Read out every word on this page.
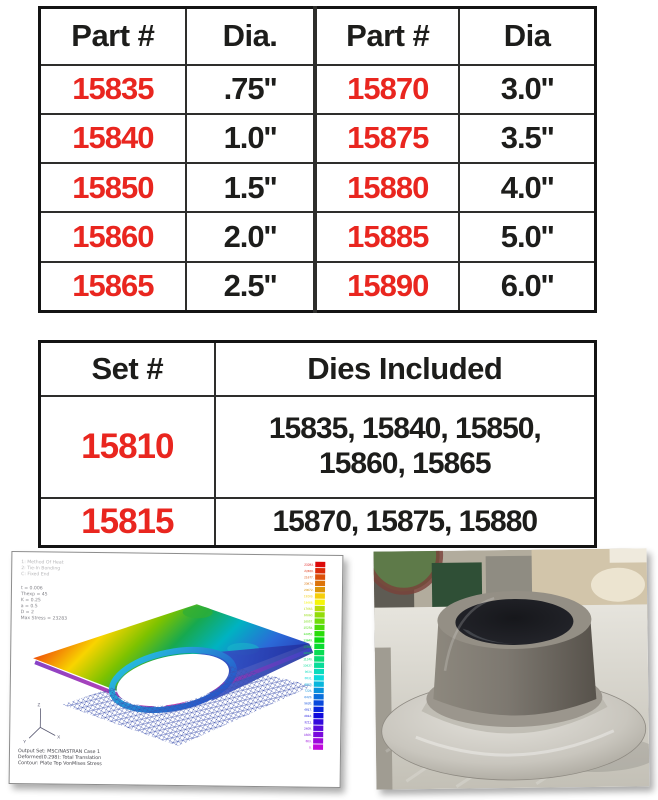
Part #	Dia.	Part #	Dia
15835	.75''	15870	3.0''
15840	1.0''	15875	3.5''
15850	1.5''	15880	4.0''
15860	2.0''	15885	5.0''
15865	2.5''	15890	6.0''
Set #	Dies Included
15810	15835, 15840, 15850, 15860, 15865
15815	15870, 15875, 15880
Z
X
Y
23283.
22480.
21677.
20874.
20072.
19269.
18466.
17663.
16860.
16057.
15254.
14452.
13649.
12846.
12043.
11240.
10437.
9634.
8831.
8029.
7226.
6423.
5620.
4817.
4014.
3211.
2409.
1606.
803.
0.
1: Method Of Heat
2: Tie-In Bonding
C: Fixed End
t = 0.006
Thexp = 45
K = 0.25
a = 0.5
D = 2
Max Stress = 23283
Output Set: MSC/NASTRAN Case 1
Deformed(0.298): Total Translation
Contour: Plate Top VonMises Stress
